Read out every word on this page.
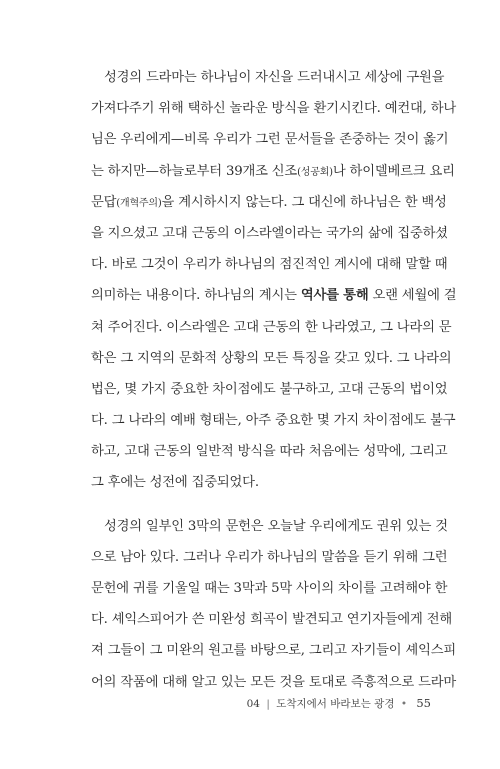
성경의 드라마는 하나님이 자신을 드러내시고 세상에 구원을
가져다주기 위해 택하신 놀라운 방식을 환기시킨다. 예컨대, 하나
님은 우리에게—비록 우리가 그런 문서들을 존중하는 것이 옳기
는 하지만—하늘로부터 39개조 신조(성공회)나 하이델베르크 요리
문답(개혁주의)을 계시하시지 않는다. 그 대신에 하나님은 한 백성
을 지으셨고 고대 근동의 이스라엘이라는 국가의 삶에 집중하셨
다. 바로 그것이 우리가 하나님의 점진적인 계시에 대해 말할 때
의미하는 내용이다. 하나님의 계시는 역사를 통해 오랜 세월에 걸
쳐 주어진다. 이스라엘은 고대 근동의 한 나라였고, 그 나라의 문
학은 그 지역의 문화적 상황의 모든 특징을 갖고 있다. 그 나라의
법은, 몇 가지 중요한 차이점에도 불구하고, 고대 근동의 법이었
다. 그 나라의 예배 형태는, 아주 중요한 몇 가지 차이점에도 불구
하고, 고대 근동의 일반적 방식을 따라 처음에는 성막에, 그리고
그 후에는 성전에 집중되었다.
성경의 일부인 3막의 문헌은 오늘날 우리에게도 권위 있는 것
으로 남아 있다. 그러나 우리가 하나님의 말씀을 듣기 위해 그런
문헌에 귀를 기울일 때는 3막과 5막 사이의 차이를 고려해야 한
다. 셰익스피어가 쓴 미완성 희곡이 발견되고 연기자들에게 전해
져 그들이 그 미완의 원고를 바탕으로, 그리고 자기들이 셰익스피
어의 작품에 대해 알고 있는 모든 것을 토대로 즉흥적으로 드라마
04 | 도착지에서 바라보는 광경 • 55
